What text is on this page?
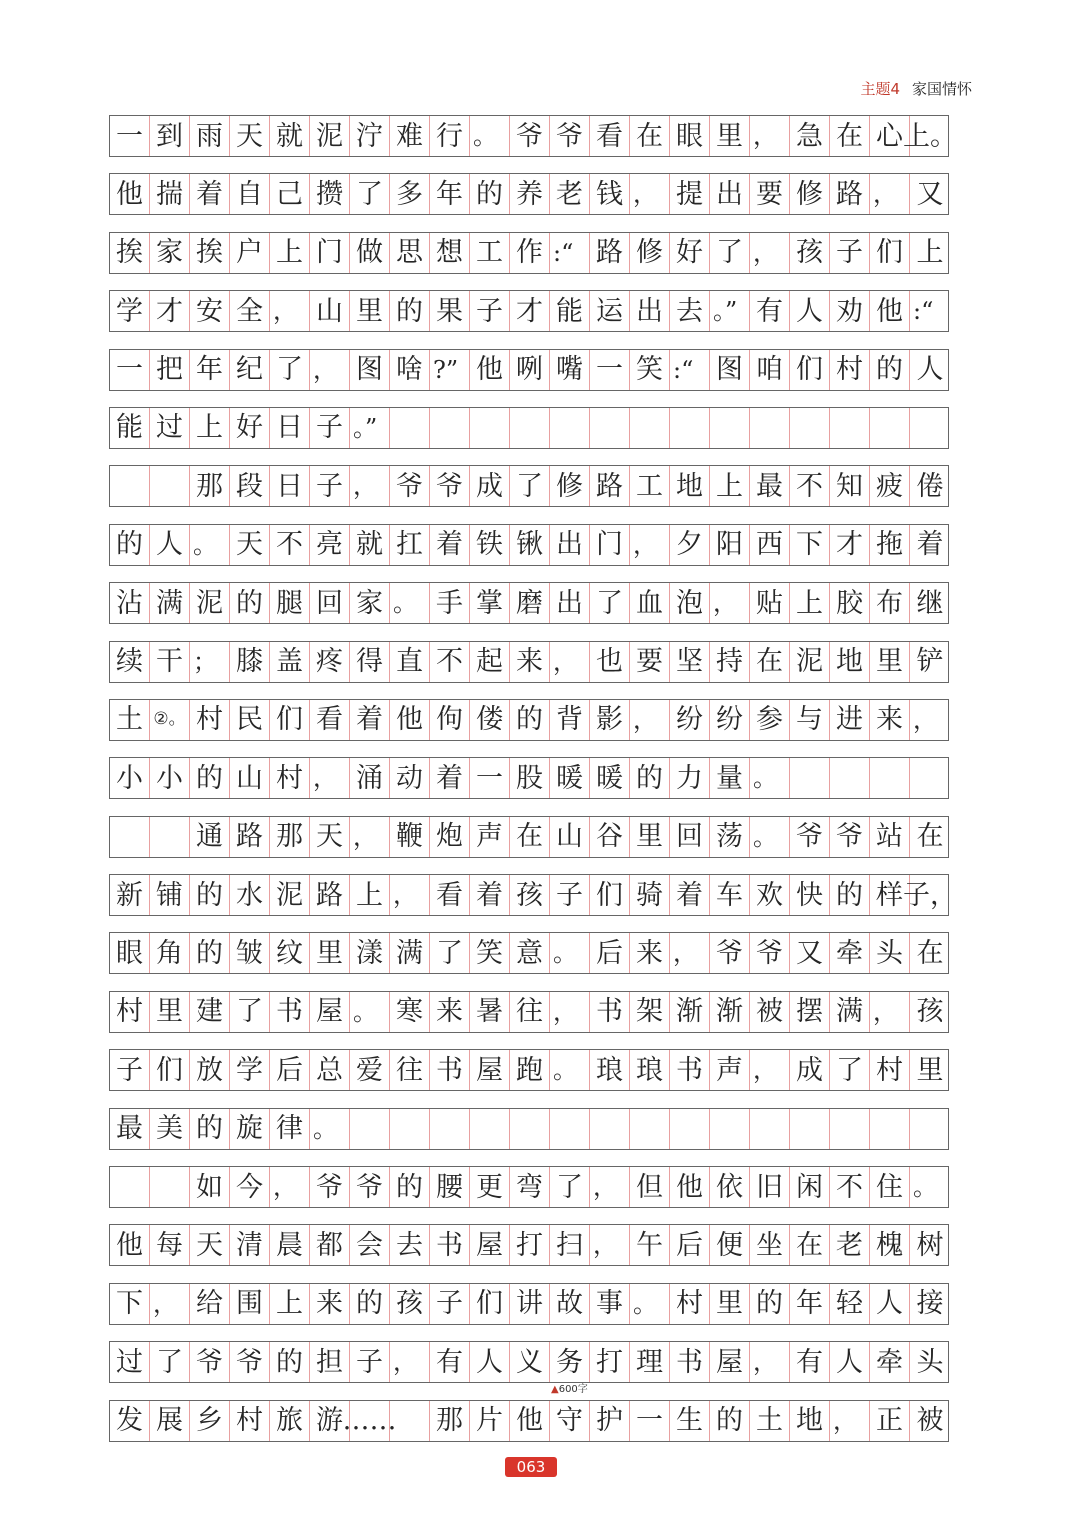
主题4 家国情怀
一 到 雨 天 就 泥 泞 难 行 。 爷 爷 看 在 眼 里 ， 急 在 心 上。
他 揣 着 自 己 攒 了 多 年 的 养 老 钱 ， 提 出 要 修 路 ， 又
挨 家 挨 户 上 门 做 思 想 工 作 :“ 路 修 好 了 ， 孩 子 们 上
学 才 安 全 ， 山 里 的 果 子 才 能 运 出 去 。” 有 人 劝 他 :“
一 把 年 纪 了 ， 图 啥 ?” 他 咧 嘴 一 笑 :“ 图 咱 们 村 的 人
能 过 上 好 日 子 。”
那 段 日 子 ， 爷 爷 成 了 修 路 工 地 上 最 不 知 疲 倦
的 人 。 天 不 亮 就 扛 着 铁 锹 出 门 ， 夕 阳 西 下 才 拖 着
沾 满 泥 的 腿 回 家 。 手 掌 磨 出 了 血 泡 ， 贴 上 胶 布 继
续 干 ； 膝 盖 疼 得 直 不 起 来 ， 也 要 坚 持 在 泥 地 里 铲
土 ②。 村 民 们 看 着 他 佝 偻 的 背 影 ， 纷 纷 参 与 进 来 ，
小 小 的 山 村 ， 涌 动 着 一 股 暖 暖 的 力 量 。
通 路 那 天 ， 鞭 炮 声 在 山 谷 里 回 荡 。 爷 爷 站 在
新 铺 的 水 泥 路 上 ， 看 着 孩 子 们 骑 着 车 欢 快 的 样 子，
眼 角 的 皱 纹 里 漾 满 了 笑 意 。 后 来 ， 爷 爷 又 牵 头 在
村 里 建 了 书 屋 。 寒 来 暑 往 ， 书 架 渐 渐 被 摆 满 ， 孩
子 们 放 学 后 总 爱 往 书 屋 跑 。 琅 琅 书 声 ， 成 了 村 里
最 美 的 旋 律 。
如 今 ， 爷 爷 的 腰 更 弯 了 ， 但 他 依 旧 闲 不 住 。
他 每 天 清 晨 都 会 去 书 屋 打 扫 ， 午 后 便 坐 在 老 槐 树
下 ， 给 围 上 来 的 孩 子 们 讲 故 事 。 村 里 的 年 轻 人 接
过 了 爷 爷 的 担 子 ， 有 人 义 务 打 理 书 屋 ， 有 人 牵 头
发 展 乡 村 旅 游 …… 那 片 他 守 护 一 生 的 土 地 ， 正 被
▲600字
063
